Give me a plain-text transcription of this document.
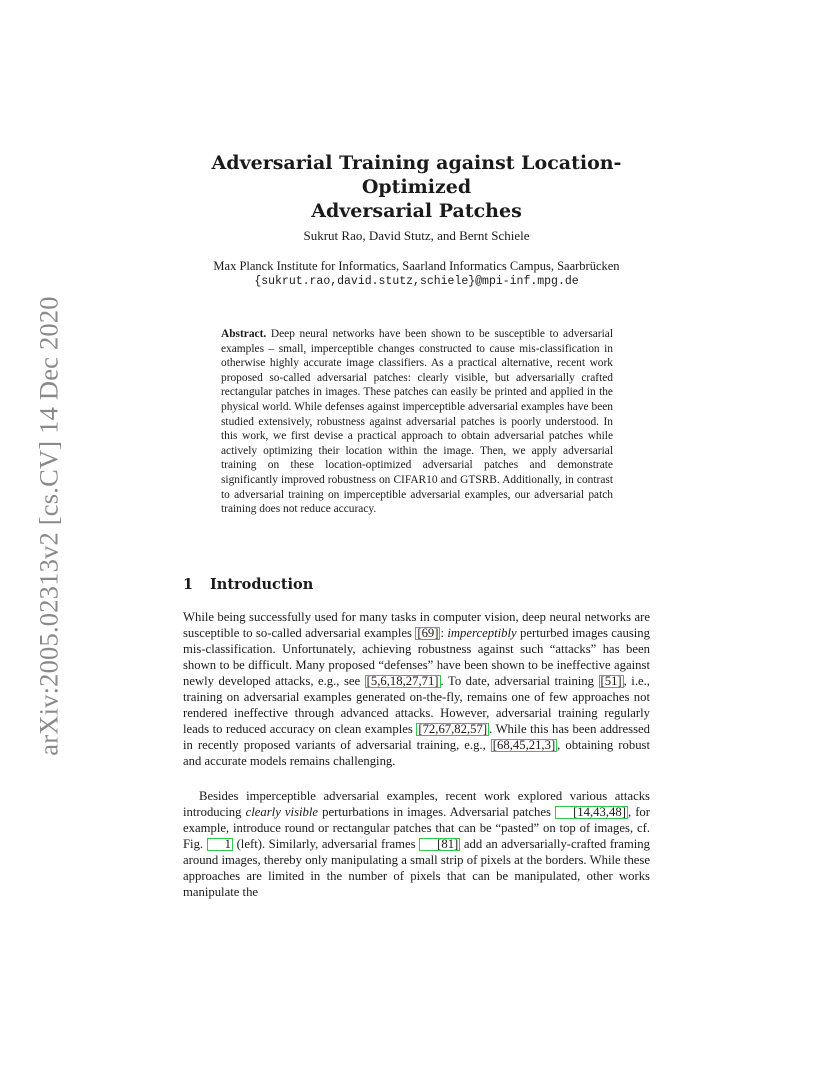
arXiv:2005.02313v2 [cs.CV] 14 Dec 2020
Adversarial Training against Location-Optimized
Adversarial Patches
Sukrut Rao, David Stutz, and Bernt Schiele
Max Planck Institute for Informatics, Saarland Informatics Campus, Saarbrücken
{sukrut.rao,david.stutz,schiele}@mpi-inf.mpg.de
Abstract. Deep neural networks have been shown to be susceptible to adversarial examples – small, imperceptible changes constructed to cause mis-classification in otherwise highly accurate image classifiers. As a practical alternative, recent work proposed so-called adversarial patches: clearly visible, but adversarially crafted rectangular patches in images. These patches can easily be printed and applied in the physical world. While defenses against imperceptible adversarial examples have been studied extensively, robustness against adversarial patches is poorly understood. In this work, we first devise a practical approach to obtain adversarial patches while actively optimizing their location within the image. Then, we apply adversarial training on these location-optimized adversarial patches and demonstrate significantly improved robustness on CIFAR10 and GTSRB. Additionally, in contrast to adversarial training on imperceptible adversarial examples, our adversarial patch training does not reduce accuracy.
1 Introduction
While being successfully used for many tasks in computer vision, deep neural networks are susceptible to so-called adversarial examples [69] : imperceptibly perturbed images causing mis-classification. Unfortunately, achieving robustness against such “attacks” has been shown to be difficult. Many proposed “defenses” have been shown to be ineffective against newly developed attacks, e.g., see [5,6,18,27,71] . To date, adversarial training [51] , i.e., training on adversarial examples generated on-the-fly, remains one of few approaches not rendered ineffective through advanced attacks. However, adversarial training regularly leads to reduced accuracy on clean examples [72,67,82,57] . While this has been addressed in recently proposed variants of adversarial training, e.g., [68,45,21,3] , obtaining robust and accurate models remains challenging.
Besides imperceptible adversarial examples, recent work explored various attacks introducing clearly visible perturbations in images. Adversarial patches [14,43,48] , for example, introduce round or rectangular patches that can be “pasted” on top of images, cf. Fig. 1 (left). Similarly, adversarial frames [81] add an adversarially-crafted framing around images, thereby only manipulating a small strip of pixels at the borders. While these approaches are limited in the number of pixels that can be manipulated, other works manipulate the
